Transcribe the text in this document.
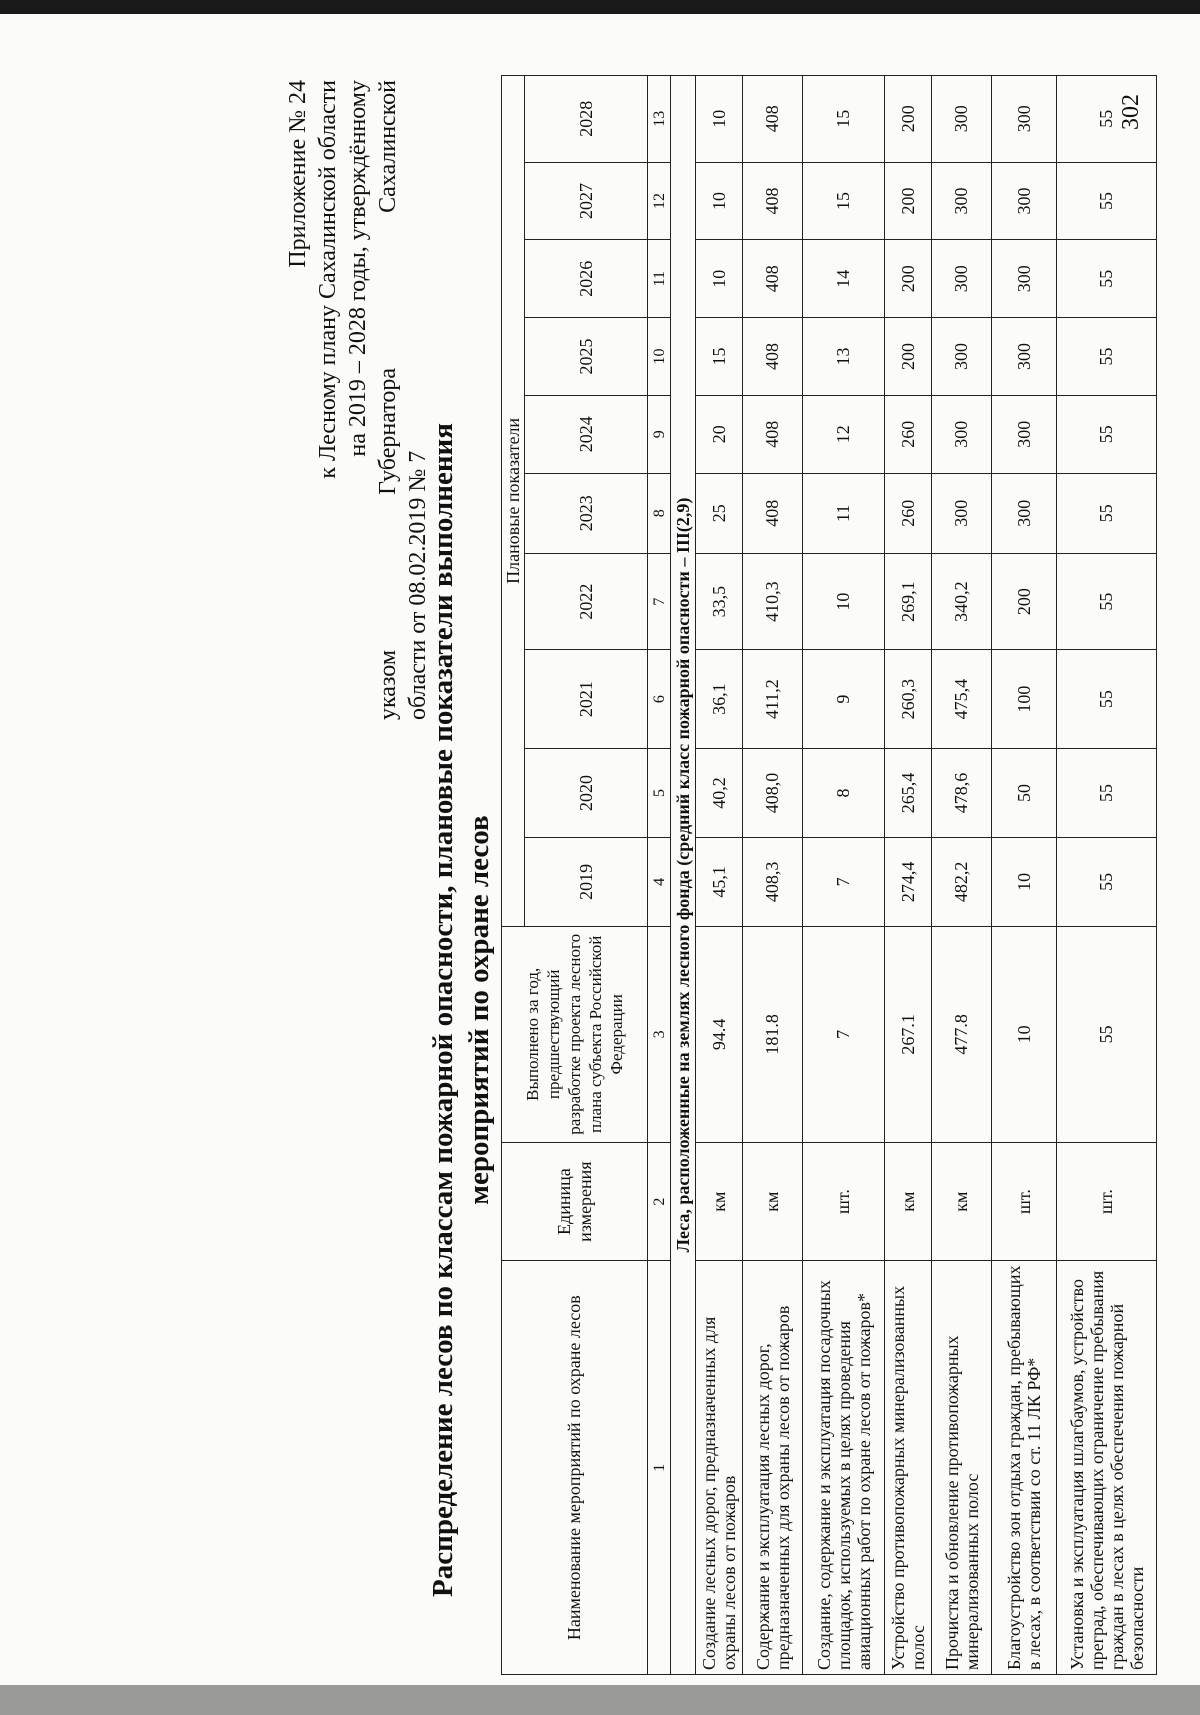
302
Приложение № 24 к Лесному плану Сахалинской области на 2019 – 2028 годы, утверждённому
указом
Губернатора
Сахалинской
области от 08.02.2019 № 7
Распределение лесов по классам пожарной опасности, плановые показатели выполнения мероприятий по охране лесов
Наименование мероприятий по охране лесов	Единица измерения	Выполнено за год, предшествующий разработке проекта лесного плана субъекта Российской Федерации	Плановые показатели									
			2019	2020	2021	2022	2023	2024	2025	2026	2027	2028
1	2	3	4	5	6	7	8	9	10	11	12	13
Леса, расположенные на землях лесного фонда (средний класс пожарной опасности – III(2,9)												
Создание лесных дорог, предназначенных для охраны лесов от пожаров	км	94.4	45,1	40,2	36,1	33,5	25	20	15	10	10	10
Содержание и эксплуатация лесных дорог, предназначенных для охраны лесов от пожаров	км	181.8	408,3	408,0	411,2	410,3	408	408	408	408	408	408
Создание, содержание и эксплуатация посадочных площадок, используемых в целях проведения авиационных работ по охране лесов от пожаров*	шт.	7	7	8	9	10	11	12	13	14	15	15
Устройство противопожарных минерализованных полос	км	267.1	274,4	265,4	260,3	269,1	260	260	200	200	200	200
Прочистка и обновление противопожарных минерализованных полос	км	477.8	482,2	478,6	475,4	340,2	300	300	300	300	300	300
Благоустройство зон отдыха граждан, пребывающих в лесах, в соответствии со ст. 11 ЛК РФ*	шт.	10	10	50	100	200	300	300	300	300	300	300
Установка и эксплуатация шлагбаумов, устройство преград, обеспечивающих ограничение пребывания граждан в лесах в целях обеспечения пожарной безопасности	шт.	55	55	55	55	55	55	55	55	55	55	55
